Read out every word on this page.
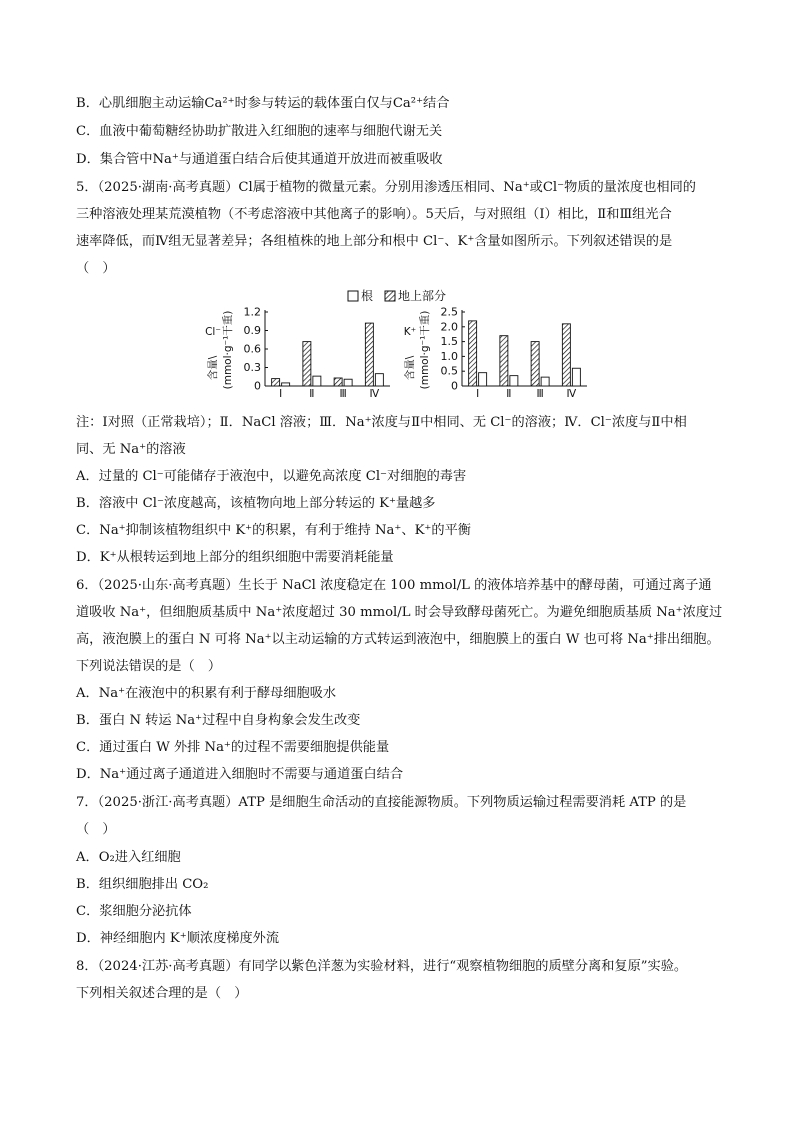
B．心肌细胞主动运输Ca²⁺时参与转运的载体蛋白仅与Ca²⁺结合
C．血液中葡萄糖经协助扩散进入红细胞的速率与细胞代谢无关
D．集合管中Na⁺与通道蛋白结合后使其通道开放进而被重吸收
5．（2025·湖南·高考真题）Cl属于植物的微量元素。分别用渗透压相同、Na⁺或Cl⁻物质的量浓度也相同的
三种溶液处理某荒漠植物（不考虑溶液中其他离子的影响）。5天后，与对照组（Ⅰ）相比，Ⅱ和Ⅲ组光合
速率降低，而Ⅳ组无显著差异；各组植株的地上部分和根中 Cl⁻、K⁺含量如图所示。下列叙述错误的是
（　）
根 地上部分
0
0.3
0.6
0.9
1.2
Cl⁻
含量\ (mmol·g⁻¹干重)
Ⅰ	Ⅱ Ⅲ Ⅳ
0
0.5
1.0
1.5
2.0
2.5
K⁺
含量\ (mmol·g⁻¹干重)
Ⅰ	Ⅱ Ⅲ Ⅳ
注：Ⅰ对照（正常栽培）；Ⅱ．NaCl 溶液；Ⅲ．Na⁺浓度与Ⅱ中相同、无 Cl⁻的溶液；Ⅳ．Cl⁻浓度与Ⅱ中相
同、无 Na⁺的溶液
A．过量的 Cl⁻可能储存于液泡中，以避免高浓度 Cl⁻对细胞的毒害
B．溶液中 Cl⁻浓度越高，该植物向地上部分转运的 K⁺量越多
C．Na⁺抑制该植物组织中 K⁺的积累，有利于维持 Na⁺、K⁺的平衡
D．K⁺从根转运到地上部分的组织细胞中需要消耗能量
6．（2025·山东·高考真题）生长于 NaCl 浓度稳定在 100 mmol/L 的液体培养基中的酵母菌，可通过离子通
道吸收 Na⁺，但细胞质基质中 Na⁺浓度超过 30 mmol/L 时会导致酵母菌死亡。为避免细胞质基质 Na⁺浓度过
高，液泡膜上的蛋白 N 可将 Na⁺以主动运输的方式转运到液泡中，细胞膜上的蛋白 W 也可将 Na⁺排出细胞。
下列说法错误的是（　）
A．Na⁺在液泡中的积累有利于酵母细胞吸水
B．蛋白 N 转运 Na⁺过程中自身构象会发生改变
C．通过蛋白 W 外排 Na⁺的过程不需要细胞提供能量
D．Na⁺通过离子通道进入细胞时不需要与通道蛋白结合
7．（2025·浙江·高考真题）ATP 是细胞生命活动的直接能源物质。下列物质运输过程需要消耗 ATP 的是
（　）
A．O₂进入红细胞
B．组织细胞排出 CO₂
C．浆细胞分泌抗体
D．神经细胞内 K⁺顺浓度梯度外流
8．（2024·江苏·高考真题）有同学以紫色洋葱为实验材料，进行“观察植物细胞的质壁分离和复原”实验。
下列相关叙述合理的是（　）
